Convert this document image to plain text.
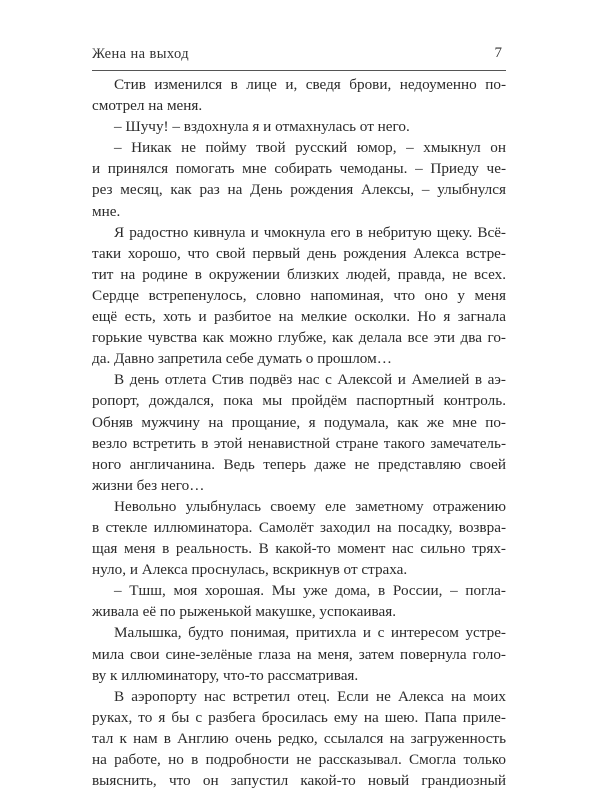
Жена на выход	7
Стив изменился в лице и, сведя брови, недоуменно по-
смотрел на меня.
– Шучу! – вздохнула я и отмахнулась от него.
– Никак не пойму твой русский юмор, – хмыкнул он
и принялся помогать мне собирать чемоданы. – Приеду че-
рез месяц, как раз на День рождения Алексы, – улыбнулся
мне.
Я радостно кивнула и чмокнула его в небритую щеку. Всё-
таки хорошо, что свой первый день рождения Алекса встре-
тит на родине в окружении близких людей, правда, не всех.
Сердце встрепенулось, словно напоминая, что оно у меня
ещё есть, хоть и разбитое на мелкие осколки. Но я загнала
горькие чувства как можно глубже, как делала все эти два го-
да. Давно запретила себе думать о прошлом…
В день отлета Стив подвёз нас с Алексой и Амелией в аэ-
ропорт, дождался, пока мы пройдём паспортный контроль.
Обняв мужчину на прощание, я подумала, как же мне по-
везло встретить в этой ненавистной стране такого замечатель-
ного англичанина. Ведь теперь даже не представляю своей
жизни без него…
Невольно улыбнулась своему еле заметному отражению
в стекле иллюминатора. Самолёт заходил на посадку, возвра-
щая меня в реальность. В какой-то момент нас сильно трях-
нуло, и Алекса проснулась, вскрикнув от страха.
– Тшш, моя хорошая. Мы уже дома, в России, – погла-
живала её по рыженькой макушке, успокаивая.
Малышка, будто понимая, притихла и с интересом устре-
мила свои сине-зелёные глаза на меня, затем повернула голо-
ву к иллюминатору, что-то рассматривая.
В аэропорту нас встретил отец. Если не Алекса на моих
руках, то я бы с разбега бросилась ему на шею. Папа приле-
тал к нам в Англию очень редко, ссылался на загруженность
на работе, но в подробности не рассказывал. Смогла только
выяснить, что он запустил какой-то новый грандиозный
